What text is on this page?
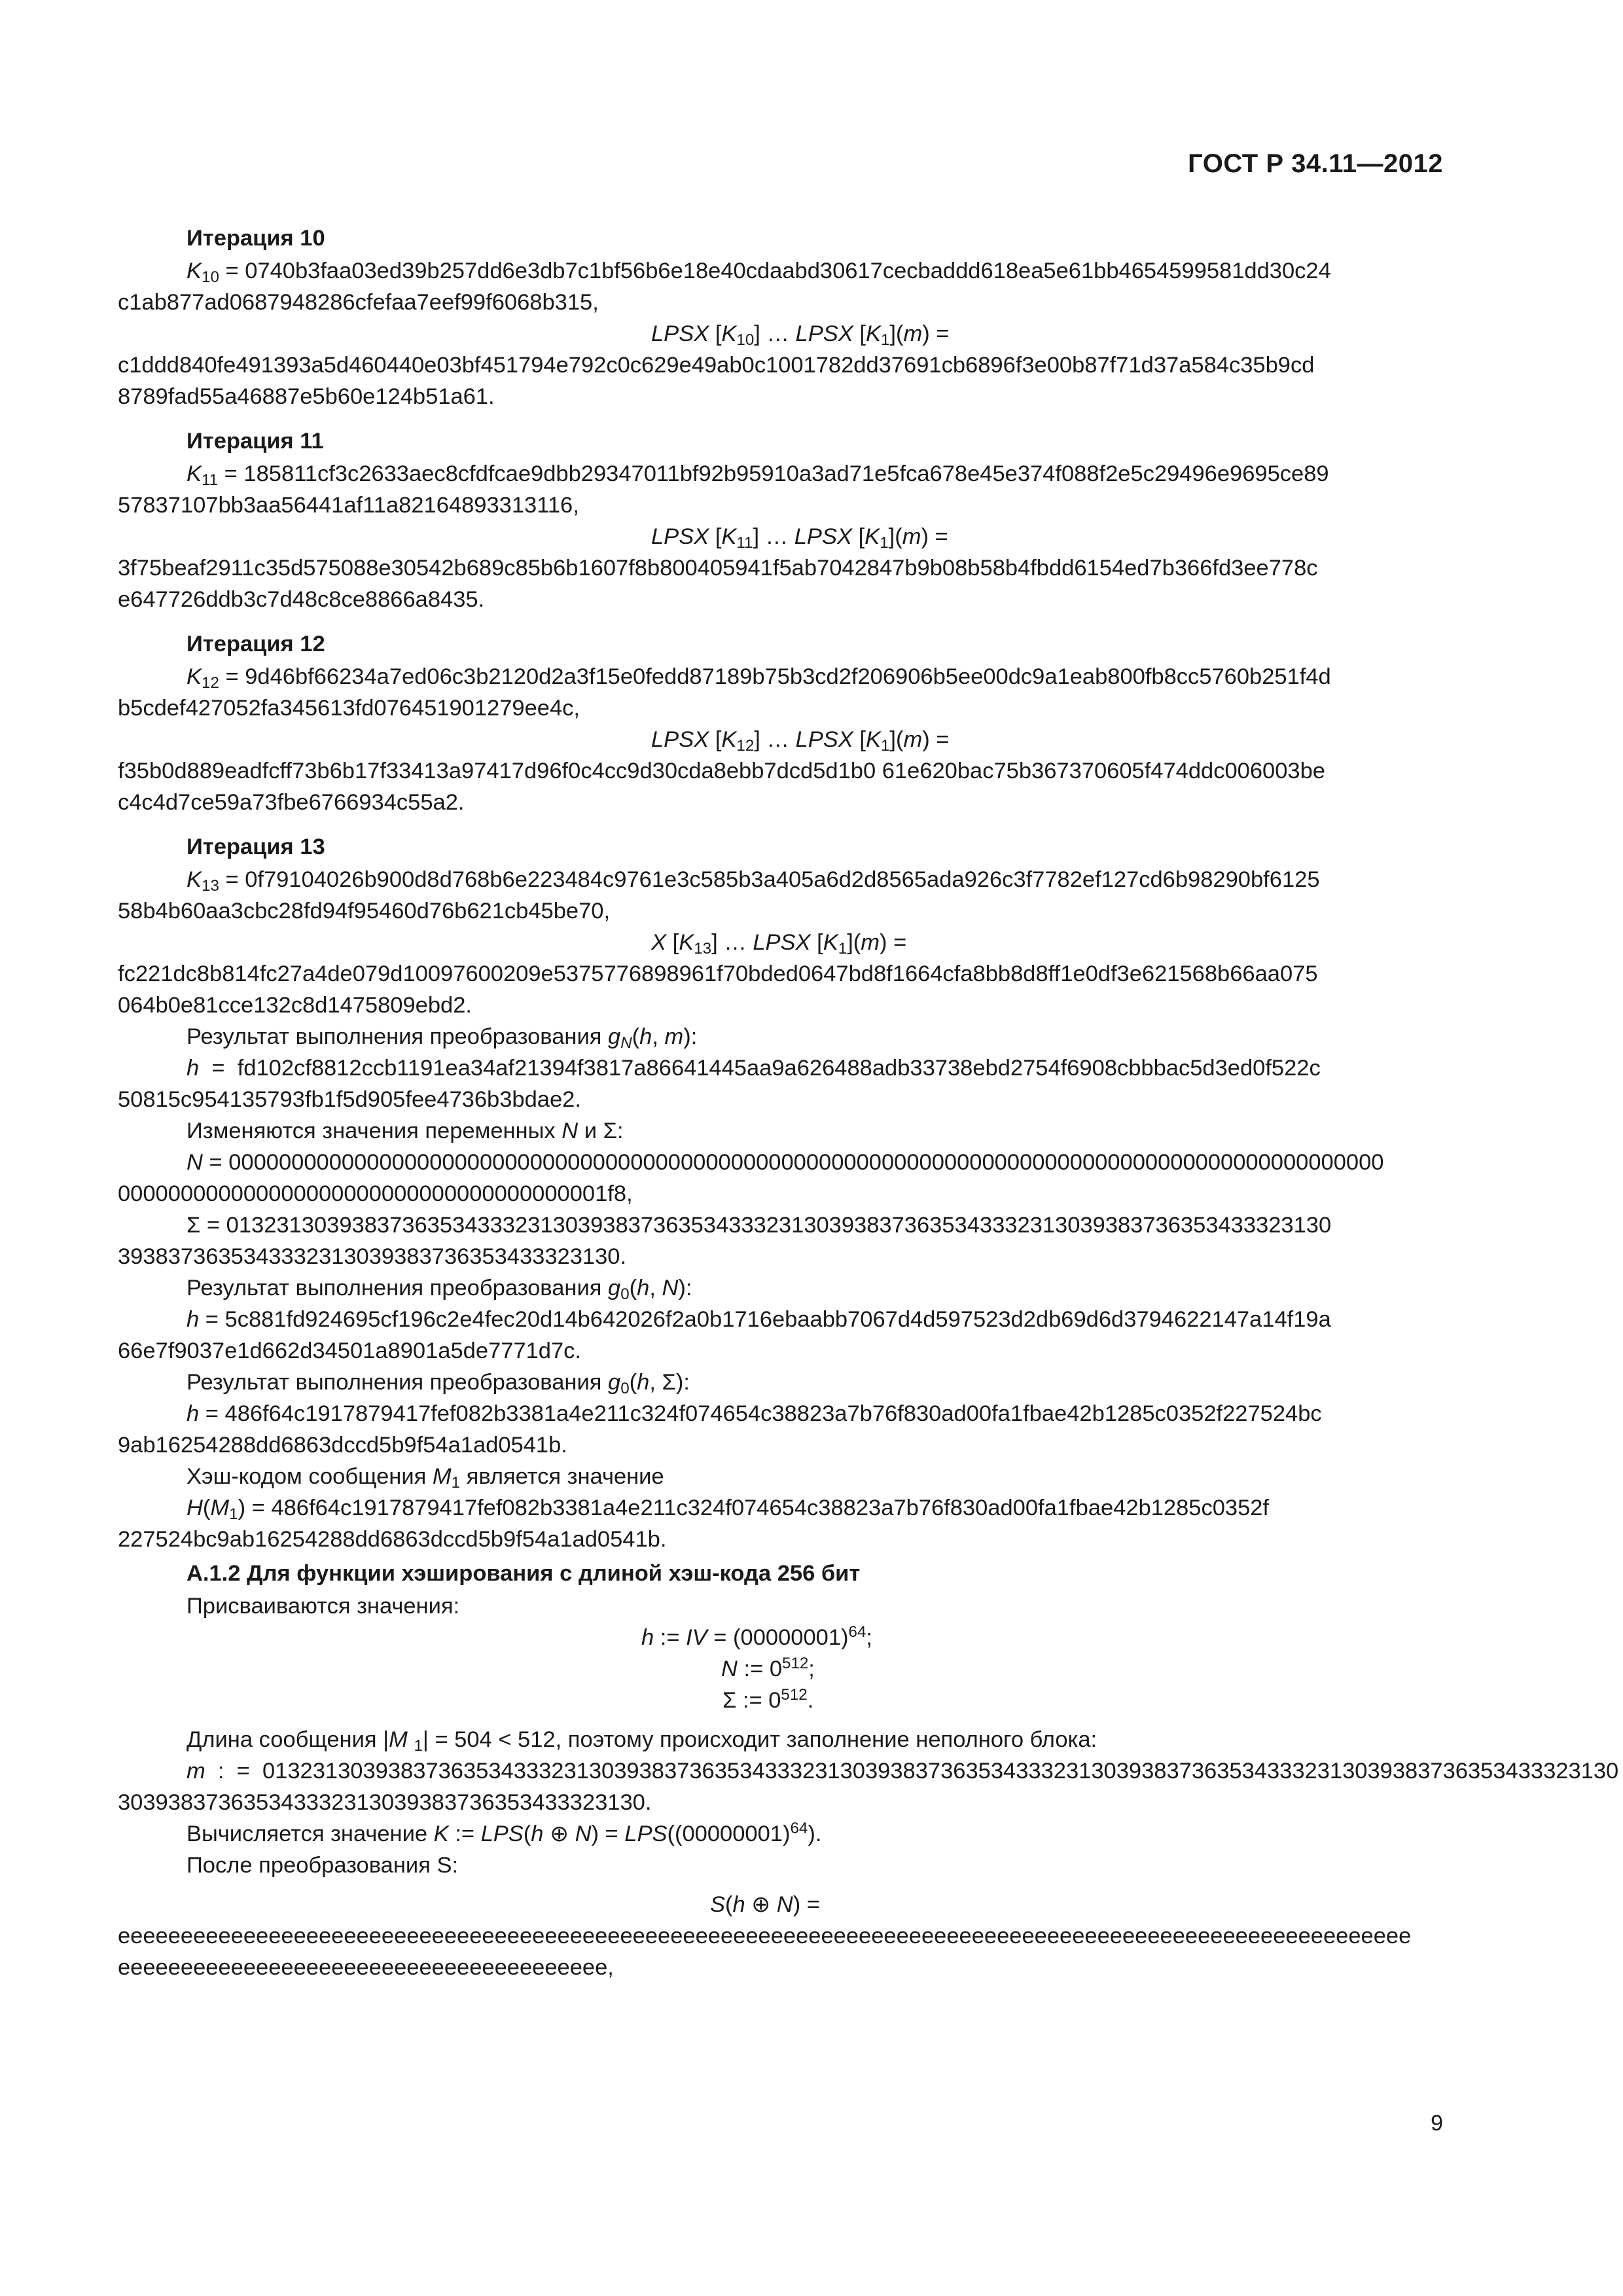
ГОСТ Р 34.11—2012
Итерация 10
$K_{10}$ = 0740b3faa03ed39b257dd6e3db7c1bf56b6e18e40cdaabd30617cecbaddd618ea5e61bb4654599581dd30c24
c1ab877ad0687948286cfefaa7eef99f6068b315,
LPSX $[K_{10}]$ … LPSX $[K_1](m)$ =
c1ddd840fe491393a5d460440e03bf451794e792c0c629e49ab0c1001782dd37691cb6896f3e00b87f71d37a584c35b9cd
8789fad55a46887e5b60e124b51a61.
Итерация 11
$K_{11}$ = 185811cf3c2633aec8cfdfcae9dbb29347011bf92b95910a3ad71e5fca678e45e374f088f2e5c29496e9695ce89
57837107bb3aa56441af11a82164893313116,
LPSX $[K_{11}]$ … LPSX $[K_1](m)$ =
3f75beaf2911c35d575088e30542b689c85b6b1607f8b800405941f5ab7042847b9b08b58b4fbdd6154ed7b366fd3ee778c
e647726ddb3c7d48c8ce8866a8435.
Итерация 12
$K_{12}$ = 9d46bf66234a7ed06c3b2120d2a3f15e0fedd87189b75b3cd2f206906b5ee00dc9a1eab800fb8cc5760b251f4d
b5cdef427052fa345613fd076451901279ee4c,
LPSX $[K_{12}]$ … LPSX $[K_1](m)$ =
f35b0d889eadfcff73b6b17f33413a97417d96f0c4cc9d30cda8ebb7dcd5d1b0 61e620bac75b367370605f474ddc006003be
c4c4d7ce59a73fbe6766934c55a2.
Итерация 13
$K_{13} = 0f79104026b900d8d768b6e223484c9761e3c585b3a405a6d2d8565ada926c3f7782ef127cd6b98290bf6125$
58b4b60aa3cbc28fd94f95460d76b621cb45be70,
X $[K_{13}]$ … LPSX $[K_1](m)$ =
fc221dc8b814fc27a4de079d10097600209e5375776898961f70bded0647bd8f1664cfa8bb8d8ff1e0df3e621568b66aa075
064b0e81cce132c8d1475809ebd2.
Результат выполнения преобразования $g_N(h$, m):
h  =  fd102cf8812ccb1191ea34af21394f3817a86641445aa9a626488adb33738ebd2754f6908cbbbac5d3ed0f522c
50815c954135793fb1f5d905fee4736b3bdae2.
Изменяются значения переменных N и Σ:
N = 00000000000000000000000000000000000000000000000000000000000000000000000000000000000000000000
000000000000000000000000000000000000001f8,
Σ = 0132313039383736353433323130393837363534333231303938373635343332313039383736353433323130
3938373635343332313039383736353433323130.
Результат выполнения преобразования $g_0(h$, N):
h = 5c881fd924695cf196c2e4fec20d14b642026f2a0b1716ebaabb7067d4d597523d2db69d6d3794622147a14f19a
66e7f9037e1d662d34501a8901a5de7771d7c.
Результат выполнения преобразования $g_0(h$, Σ):
h = 486f64c1917879417fef082b3381a4e211c324f074654c38823a7b76f830ad00fa1fbae42b1285c0352f227524bc
9ab16254288dd6863dccd5b9f54a1ad0541b.
Хэш-кодом сообщения $M_1$ является значение
$H(M_1)$ = 486f64c1917879417fef082b3381a4e211c324f074654c38823a7b76f830ad00fa1fbae42b1285c0352f
227524bc9ab16254288dd6863dccd5b9f54a1ad0541b.
А.1.2 Для функции хэширования с длиной хэш-кода 256 бит
Присваиваются значения:
h := IV = $(00000001)^{64}$;
N := $0^{512}$;
Σ := $0^{512}$.
Длина сообщения |M $_1$| = 504 < 512, поэтому происходит заполнение неполного блока:
m  :  =  013231303938373635343332313039383736353433323130393837363534333231303938373635343332313039383736353433323130
303938373635343332313039383736353433323130.
Вычисляется значение K := LPS(h ⊕ $N) = LPS((00000001)^{64})$.
После преобразования S:
S(h ⊕ N) =
eeeeeeeeeeeeeeeeeeeeeeeeeeeeeeeeeeeeeeeeeeeeeeeeeeeeeeeeeeeeeeeeeeeeeeeeeeeeeeeeeeeeeeeeeeeeeeeeeeeeeee
eeeeeeeeeeeeeeeeeeeeeeeeeeeeeeeeeeeeeee,
9
